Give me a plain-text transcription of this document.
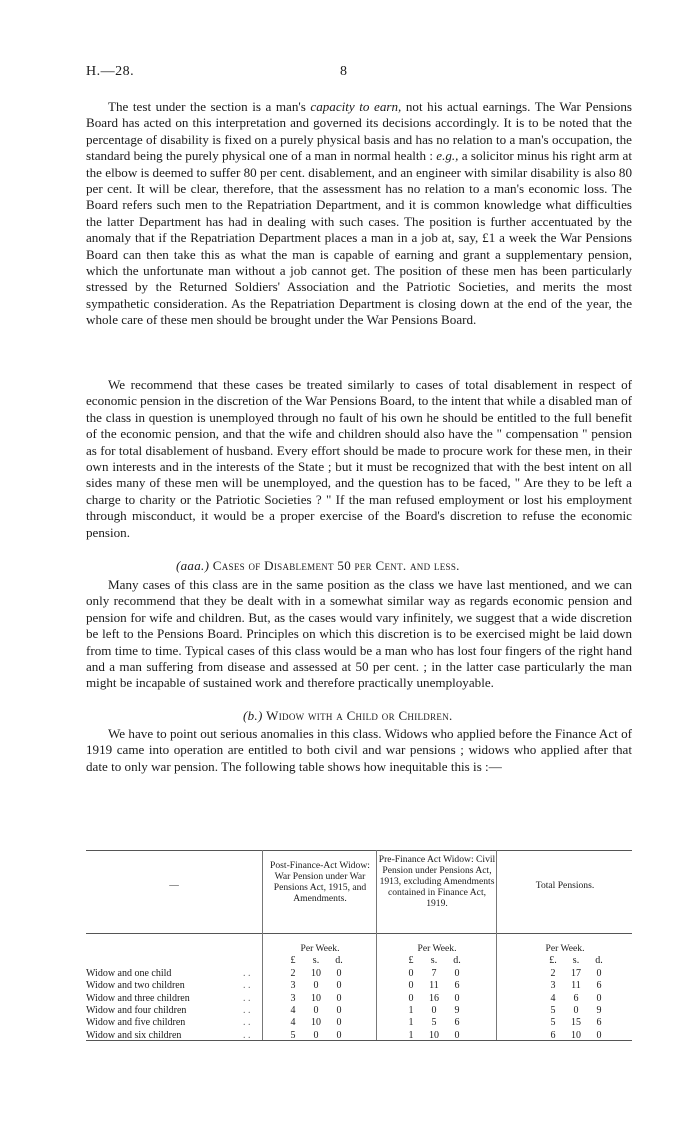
H.—28.	8

The test under the section is a man's capacity to earn, not his actual earnings. The War Pensions Board has acted on this interpretation and governed its decisions accordingly. It is to be noted that the percentage of disability is fixed on a purely physical basis and has no relation to a man's occupation, the standard being the purely physical one of a man in normal health : e.g., a solicitor minus his right arm at the elbow is deemed to suffer 80 per cent. disablement, and an engineer with similar disability is also 80 per cent. It will be clear, therefore, that the assessment has no relation to a man's economic loss. The Board refers such men to the Repatriation Department, and it is common knowledge what difficulties the latter Department has had in dealing with such cases. The position is further accentuated by the anomaly that if the Repatriation Department places a man in a job at, say, £1 a week the War Pensions Board can then take this as what the man is capable of earning and grant a supplementary pension, which the unfortunate man without a job cannot get. The position of these men has been particularly stressed by the Returned Soldiers' Association and the Patriotic Societies, and merits the most sympathetic consideration. As the Repatriation Department is closing down at the end of the year, the whole care of these men should be brought under the War Pensions Board.

We recommend that these cases be treated similarly to cases of total disablement in respect of economic pension in the discretion of the War Pensions Board, to the intent that while a disabled man of the class in question is unemployed through no fault of his own he should be entitled to the full benefit of the economic pension, and that the wife and children should also have the " compensation " pension as for total disablement of husband. Every effort should be made to procure work for these men, in their own interests and in the interests of the State ; but it must be recognized that with the best intent on all sides many of these men will be unemployed, and the question has to be faced, " Are they to be left a charge to charity or the Patriotic Societies ? " If the man refused employment or lost his employment through misconduct, it would be a proper exercise of the Board's discretion to refuse the economic pension.

(aaa.) Cases of Disablement 50 per Cent. and less.

Many cases of this class are in the same position as the class we have last mentioned, and we can only recommend that they be dealt with in a somewhat similar way as regards economic pension and pension for wife and children. But, as the cases would vary infinitely, we suggest that a wide discretion be left to the Pensions Board. Principles on which this discretion is to be exercised might be laid down from time to time. Typical cases of this class would be a man who has lost four fingers of the right hand and a man suffering from disease and assessed at 50 per cent. ; in the latter case particularly the man might be incapable of sustained work and therefore practically unemployable.

(b.) Widow with a Child or Children.

We have to point out serious anomalies in this class. Widows who applied before the Finance Act of 1919 came into operation are entitled to both civil and war pensions ; widows who applied after that date to only war pension. The following table shows how inequitable this is :—

—
Post-Finance-Act Widow: War Pension under War Pensions Act, 1915, and Amendments.
Pre-Finance Act Widow: Civil Pension under Pensions Act, 1913, excluding Amendments contained in Finance Act, 1919.
Total Pensions.
Per Week.	Per Week.	Per Week.
£	s.	d.	£	s.	d.	£.	s.	d.
Widow and one child	. .	2	10	0	0	7	0	2	17	0
Widow and two children	. .	3	0	0	0	11	6	3	11	6
Widow and three children	. .	3	10	0	0	16	0	4	6	0
Widow and four children	. .	4	0	0	1	0	9	5	0	9
Widow and five children	. .	4	10	0	1	5	6	5	15	6
Widow and six children	. .	5	0	0	1	10	0	6	10	0
